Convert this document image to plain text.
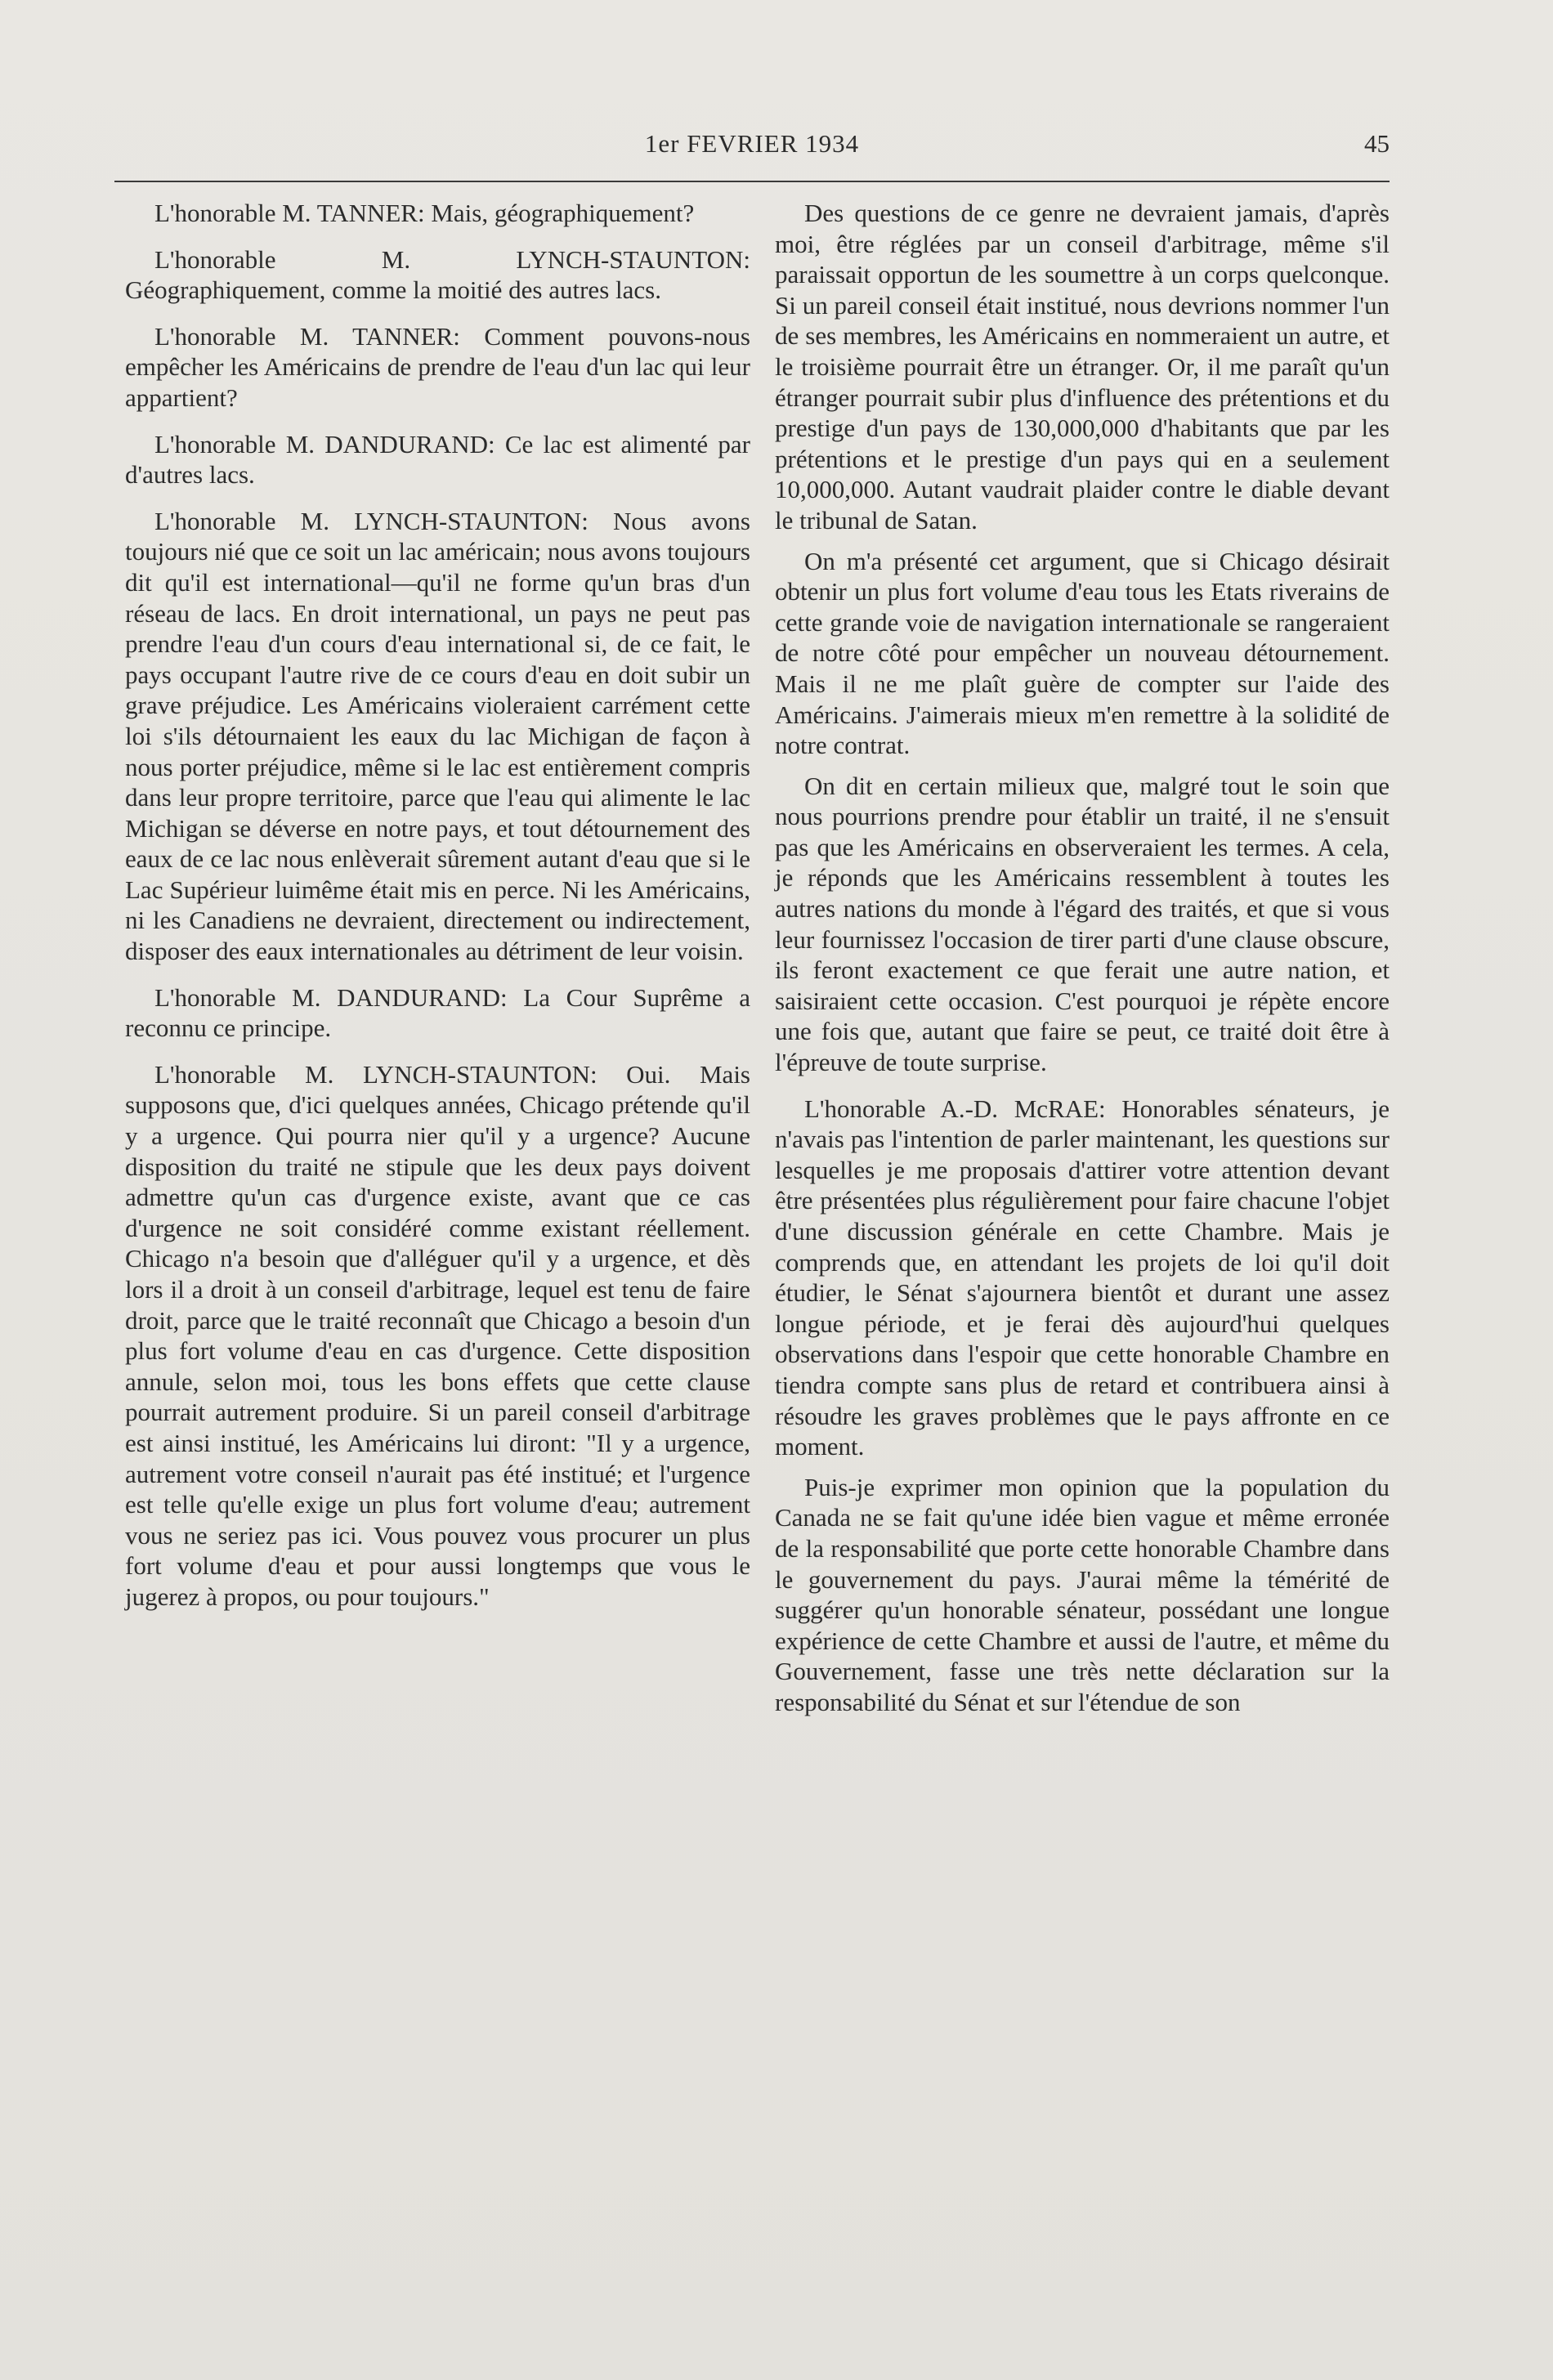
1er FEVRIER 1934	45

L'honorable M. TANNER: Mais, géographiquement?

L'honorable M. LYNCH-STAUNTON: Géographiquement, comme la moitié des autres lacs.

L'honorable M. TANNER: Comment pouvons-nous empêcher les Américains de prendre de l'eau d'un lac qui leur appartient?

L'honorable M. DANDURAND: Ce lac est alimenté par d'autres lacs.

L'honorable M. LYNCH-STAUNTON: Nous avons toujours nié que ce soit un lac américain; nous avons toujours dit qu'il est international—qu'il ne forme qu'un bras d'un réseau de lacs. En droit international, un pays ne peut pas prendre l'eau d'un cours d'eau international si, de ce fait, le pays occupant l'autre rive de ce cours d'eau en doit subir un grave préjudice. Les Américains violeraient carrément cette loi s'ils détournaient les eaux du lac Michigan de façon à nous porter préjudice, même si le lac est entièrement compris dans leur propre territoire, parce que l'eau qui alimente le lac Michigan se déverse en notre pays, et tout détournement des eaux de ce lac nous enlèverait sûrement autant d'eau que si le Lac Supérieur luimême était mis en perce. Ni les Américains, ni les Canadiens ne devraient, directement ou indirectement, disposer des eaux internationales au détriment de leur voisin.

L'honorable M. DANDURAND: La Cour Suprême a reconnu ce principe.

L'honorable M. LYNCH-STAUNTON: Oui. Mais supposons que, d'ici quelques années, Chicago prétende qu'il y a urgence. Qui pourra nier qu'il y a urgence? Aucune disposition du traité ne stipule que les deux pays doivent admettre qu'un cas d'urgence existe, avant que ce cas d'urgence ne soit considéré comme existant réellement. Chicago n'a besoin que d'alléguer qu'il y a urgence, et dès lors il a droit à un conseil d'arbitrage, lequel est tenu de faire droit, parce que le traité reconnaît que Chicago a besoin d'un plus fort volume d'eau en cas d'urgence. Cette disposition annule, selon moi, tous les bons effets que cette clause pourrait autrement produire. Si un pareil conseil d'arbitrage est ainsi institué, les Américains lui diront: "Il y a urgence, autrement votre conseil n'aurait pas été institué; et l'urgence est telle qu'elle exige un plus fort volume d'eau; autrement vous ne seriez pas ici. Vous pouvez vous procurer un plus fort volume d'eau et pour aussi longtemps que vous le jugerez à propos, ou pour toujours."

Des questions de ce genre ne devraient jamais, d'après moi, être réglées par un conseil d'arbitrage, même s'il paraissait opportun de les soumettre à un corps quelconque. Si un pareil conseil était institué, nous devrions nommer l'un de ses membres, les Américains en nommeraient un autre, et le troisième pourrait être un étranger. Or, il me paraît qu'un étranger pourrait subir plus d'influence des prétentions et du prestige d'un pays de 130,000,000 d'habitants que par les prétentions et le prestige d'un pays qui en a seulement 10,000,000. Autant vaudrait plaider contre le diable devant le tribunal de Satan.

On m'a présenté cet argument, que si Chicago désirait obtenir un plus fort volume d'eau tous les Etats riverains de cette grande voie de navigation internationale se rangeraient de notre côté pour empêcher un nouveau détournement. Mais il ne me plaît guère de compter sur l'aide des Américains. J'aimerais mieux m'en remettre à la solidité de notre contrat.

On dit en certain milieux que, malgré tout le soin que nous pourrions prendre pour établir un traité, il ne s'ensuit pas que les Américains en observeraient les termes. A cela, je réponds que les Américains ressemblent à toutes les autres nations du monde à l'égard des traités, et que si vous leur fournissez l'occasion de tirer parti d'une clause obscure, ils feront exactement ce que ferait une autre nation, et saisiraient cette occasion. C'est pourquoi je répète encore une fois que, autant que faire se peut, ce traité doit être à l'épreuve de toute surprise.

L'honorable A.-D. McRAE: Honorables sénateurs, je n'avais pas l'intention de parler maintenant, les questions sur lesquelles je me proposais d'attirer votre attention devant être présentées plus régulièrement pour faire chacune l'objet d'une discussion générale en cette Chambre. Mais je comprends que, en attendant les projets de loi qu'il doit étudier, le Sénat s'ajournera bientôt et durant une assez longue période, et je ferai dès aujourd'hui quelques observations dans l'espoir que cette honorable Chambre en tiendra compte sans plus de retard et contribuera ainsi à résoudre les graves problèmes que le pays affronte en ce moment.

Puis-je exprimer mon opinion que la population du Canada ne se fait qu'une idée bien vague et même erronée de la responsabilité que porte cette honorable Chambre dans le gouvernement du pays. J'aurai même la témérité de suggérer qu'un honorable sénateur, possédant une longue expérience de cette Chambre et aussi de l'autre, et même du Gouvernement, fasse une très nette déclaration sur la responsabilité du Sénat et sur l'étendue de son
